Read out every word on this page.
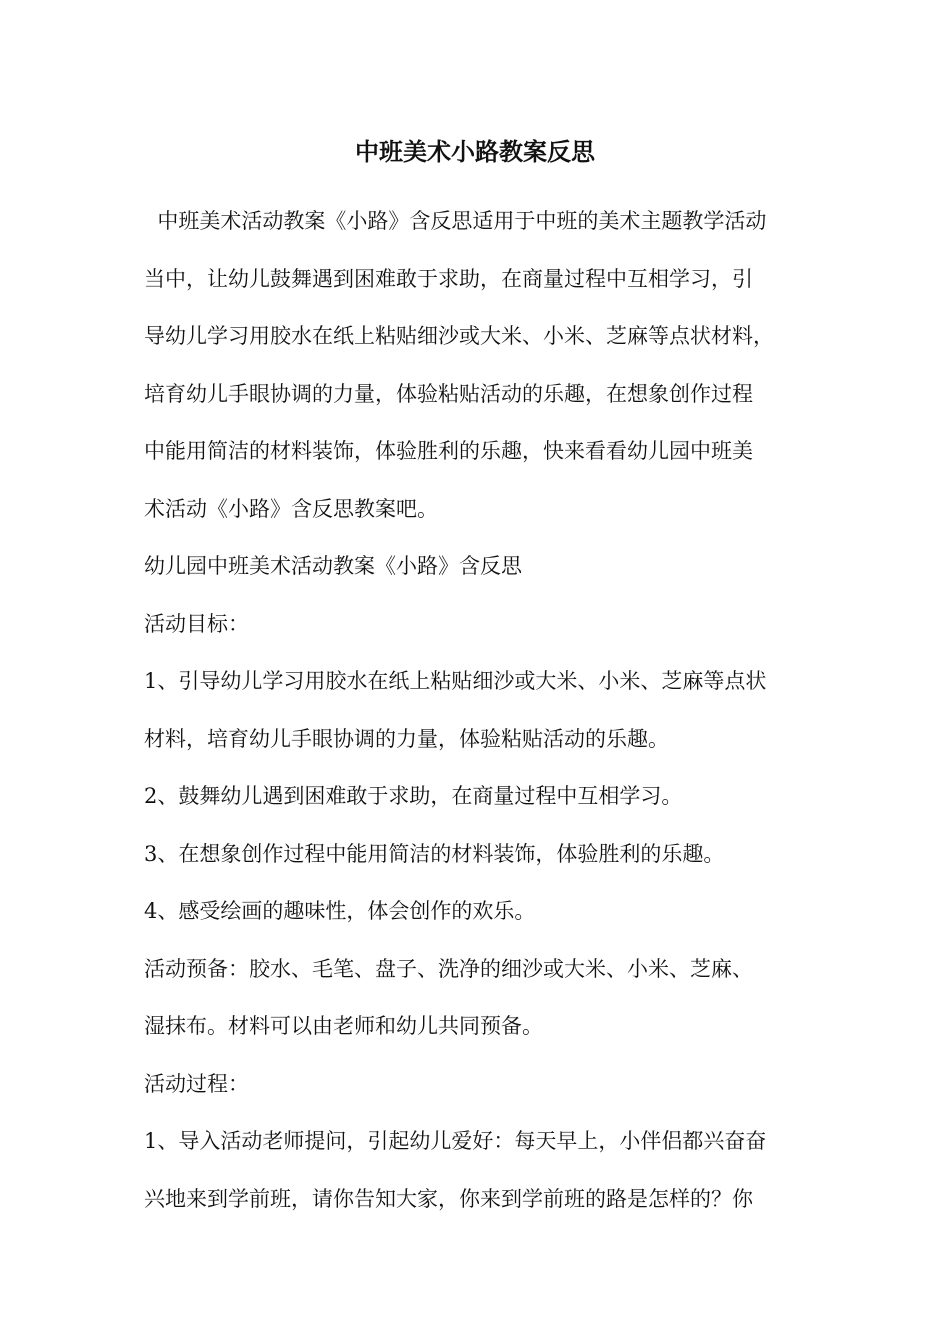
中班美术小路教案反思
中班美术活动教案《小路》含反思适用于中班的美术主题教学活动
当中，让幼儿鼓舞遇到困难敢于求助，在商量过程中互相学习，引
导幼儿学习用胶水在纸上粘贴细沙或大米、小米、芝麻等点状材料，
培育幼儿手眼协调的力量，体验粘贴活动的乐趣，在想象创作过程
中能用简洁的材料装饰，体验胜利的乐趣，快来看看幼儿园中班美
术活动《小路》含反思教案吧。
幼儿园中班美术活动教案《小路》含反思
活动目标：
1、引导幼儿学习用胶水在纸上粘贴细沙或大米、小米、芝麻等点状
材料，培育幼儿手眼协调的力量，体验粘贴活动的乐趣。
2、鼓舞幼儿遇到困难敢于求助，在商量过程中互相学习。
3、在想象创作过程中能用简洁的材料装饰，体验胜利的乐趣。
4、感受绘画的趣味性，体会创作的欢乐。
活动预备：胶水、毛笔、盘子、洗净的细沙或大米、小米、芝麻、
湿抹布。材料可以由老师和幼儿共同预备。
活动过程：
1、导入活动老师提问，引起幼儿爱好：每天早上，小伴侣都兴奋奋
兴地来到学前班，请你告知大家，你来到学前班的路是怎样的？你
